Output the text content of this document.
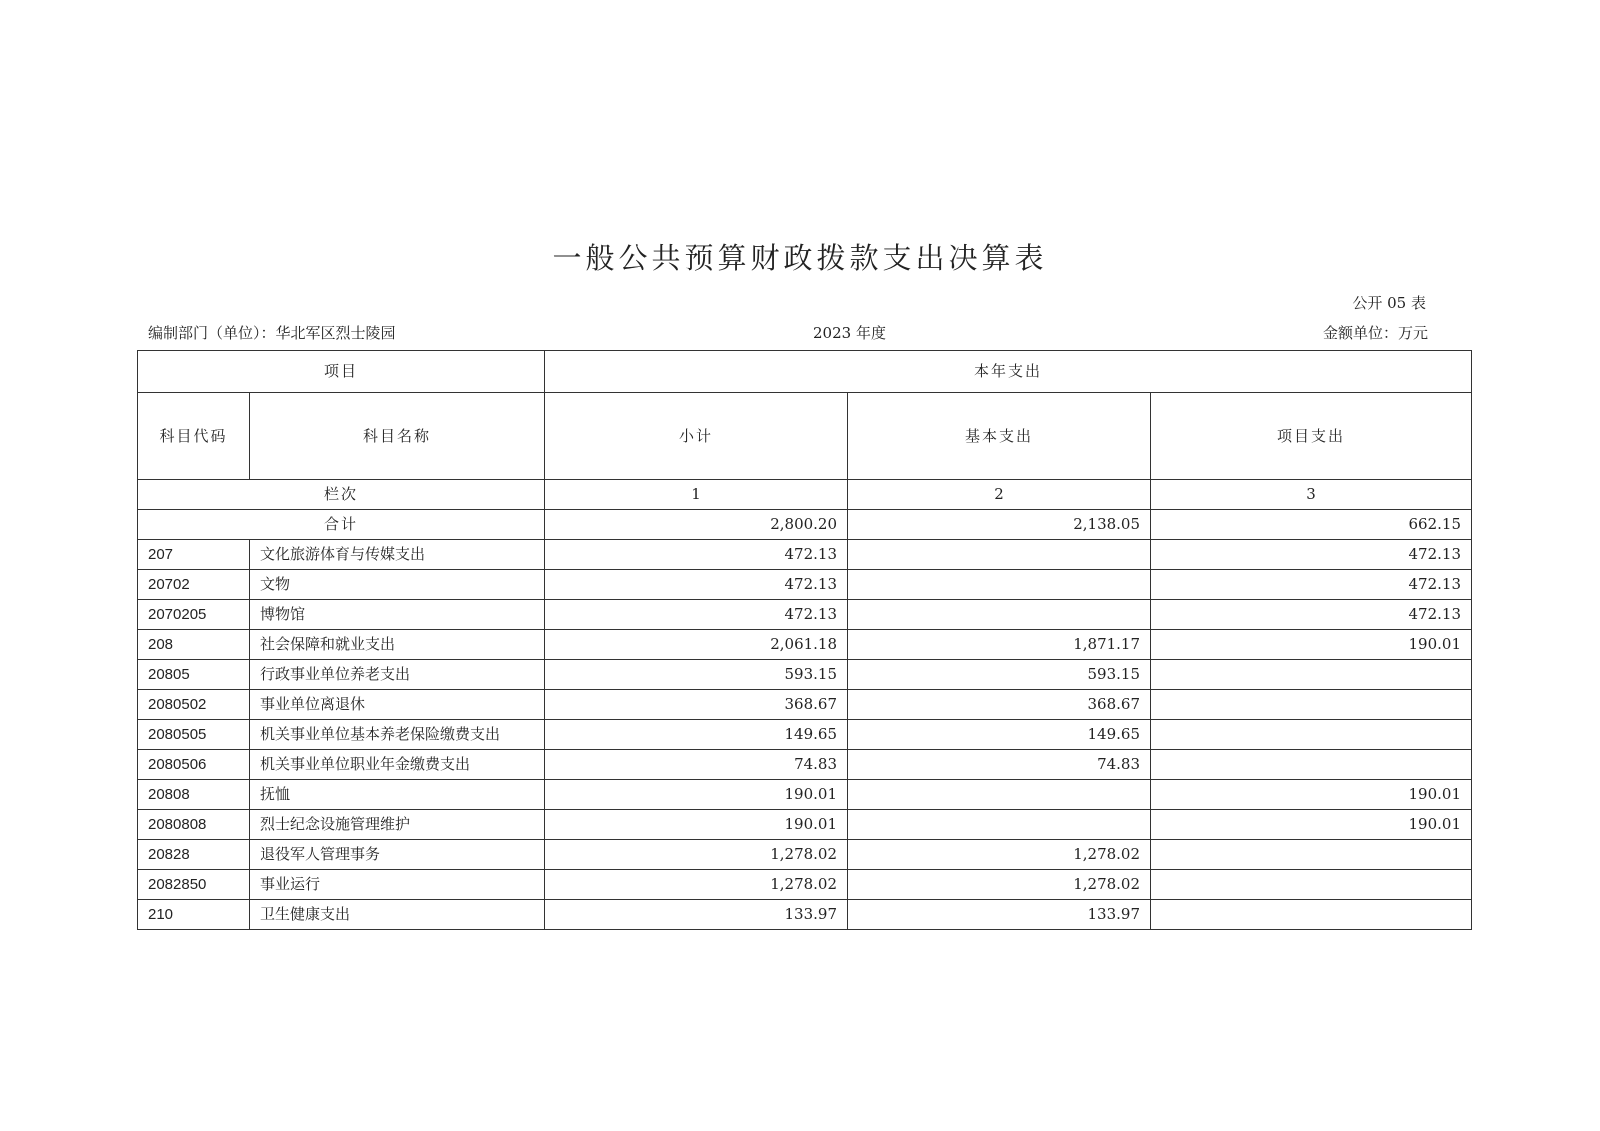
一般公共预算财政拨款支出决算表
公开 05 表
编制部门（单位）：华北军区烈士陵园	2023 年度	金额单位：万元
项目		本年支出		
科目代码	科目名称	小计	基本支出	项目支出
栏次		1	2	3
合计		2,800.20	2,138.05	662.15
207	文化旅游体育与传媒支出	472.13		472.13
20702	文物	472.13		472.13
2070205	博物馆	472.13		472.13
208	社会保障和就业支出	2,061.18	1,871.17	190.01
20805	行政事业单位养老支出	593.15	593.15	
2080502	事业单位离退休	368.67	368.67	
2080505	机关事业单位基本养老保险缴费支出	149.65	149.65	
2080506	机关事业单位职业年金缴费支出	74.83	74.83	
20808	抚恤	190.01		190.01
2080808	烈士纪念设施管理维护	190.01		190.01
20828	退役军人管理事务	1,278.02	1,278.02	
2082850	事业运行	1,278.02	1,278.02	
210	卫生健康支出	133.97	133.97	
